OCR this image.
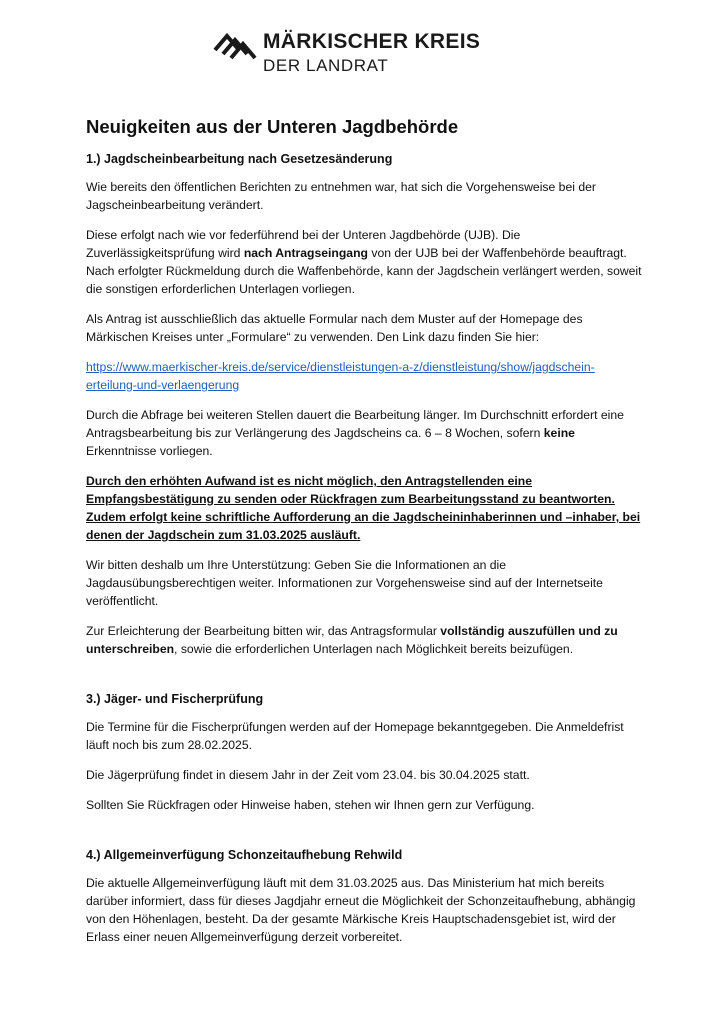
MÄRKISCHER KREIS
DER LANDRAT
Neuigkeiten aus der Unteren Jagdbehörde
1.) Jagdscheinbearbeitung nach Gesetzesänderung

Wie bereits den öffentlichen Berichten zu entnehmen war, hat sich die Vorgehensweise bei der Jagscheinbearbeitung verändert.

Diese erfolgt nach wie vor federführend bei der Unteren Jagdbehörde (UJB). Die Zuverlässigkeitsprüfung wird nach Antragseingang von der UJB bei der Waffenbehörde beauftragt. Nach erfolgter Rückmeldung durch die Waffenbehörde, kann der Jagdschein verlängert werden, soweit die sonstigen erforderlichen Unterlagen vorliegen.

Als Antrag ist ausschließlich das aktuelle Formular nach dem Muster auf der Homepage des Märkischen Kreises unter „Formulare“ zu verwenden. Den Link dazu finden Sie hier:

https://www.maerkischer-kreis.de/service/dienstleistungen-a-z/dienstleistung/show/jagdschein-erteilung-und-verlaengerung

Durch die Abfrage bei weiteren Stellen dauert die Bearbeitung länger. Im Durchschnitt erfordert eine Antragsbearbeitung bis zur Verlängerung des Jagdscheins ca. 6 – 8 Wochen, sofern keine Erkenntnisse vorliegen.

Durch den erhöhten Aufwand ist es nicht möglich, den Antragstellenden eine Empfangsbestätigung zu senden oder Rückfragen zum Bearbeitungsstand zu beantworten. Zudem erfolgt keine schriftliche Aufforderung an die Jagdscheininhaberinnen und –inhaber, bei denen der Jagdschein zum 31.03.2025 ausläuft.

Wir bitten deshalb um Ihre Unterstützung: Geben Sie die Informationen an die Jagdausübungsberechtigen weiter. Informationen zur Vorgehensweise sind auf der Internetseite veröffentlicht.

Zur Erleichterung der Bearbeitung bitten wir, das Antragsformular vollständig auszufüllen und zu unterschreiben, sowie die erforderlichen Unterlagen nach Möglichkeit bereits beizufügen.

3.) Jäger- und Fischerprüfung

Die Termine für die Fischerprüfungen werden auf der Homepage bekanntgegeben. Die Anmeldefrist läuft noch bis zum 28.02.2025.

Die Jägerprüfung findet in diesem Jahr in der Zeit vom 23.04. bis 30.04.2025 statt.

Sollten Sie Rückfragen oder Hinweise haben, stehen wir Ihnen gern zur Verfügung.

4.) Allgemeinverfügung Schonzeitaufhebung Rehwild

Die aktuelle Allgemeinverfügung läuft mit dem 31.03.2025 aus. Das Ministerium hat mich bereits darüber informiert, dass für dieses Jagdjahr erneut die Möglichkeit der Schonzeitaufhebung, abhängig von den Höhenlagen, besteht. Da der gesamte Märkische Kreis Hauptschadensgebiet ist, wird der Erlass einer neuen Allgemeinverfügung derzeit vorbereitet.
